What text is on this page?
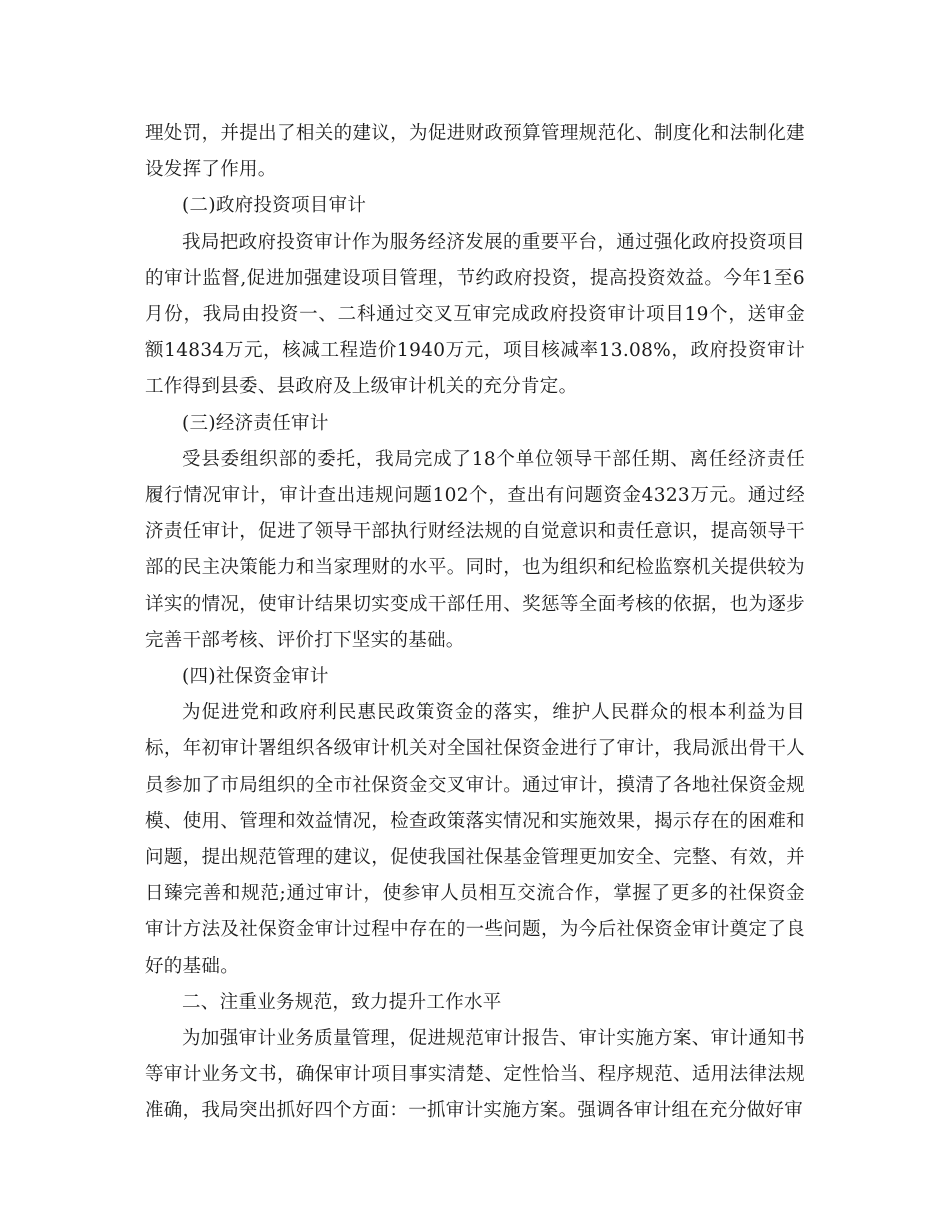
理处罚，并提出了相关的建议，为促进财政预算管理规范化、制度化和法制化建设发挥了作用。

(二)政府投资项目审计

我局把政府投资审计作为服务经济发展的重要平台，通过强化政府投资项目的审计监督,促进加强建设项目管理，节约政府投资，提高投资效益。今年1至6月份，我局由投资一、二科通过交叉互审完成政府投资审计项目19个，送审金额14834万元，核减工程造价1940万元，项目核减率13.08%，政府投资审计工作得到县委、县政府及上级审计机关的充分肯定。

(三)经济责任审计

受县委组织部的委托，我局完成了18个单位领导干部任期、离任经济责任履行情况审计，审计查出违规问题102个，查出有问题资金4323万元。通过经济责任审计，促进了领导干部执行财经法规的自觉意识和责任意识，提高领导干部的民主决策能力和当家理财的水平。同时，也为组织和纪检监察机关提供较为详实的情况，使审计结果切实变成干部任用、奖惩等全面考核的依据，也为逐步完善干部考核、评价打下坚实的基础。

(四)社保资金审计

为促进党和政府利民惠民政策资金的落实，维护人民群众的根本利益为目标，年初审计署组织各级审计机关对全国社保资金进行了审计，我局派出骨干人员参加了市局组织的全市社保资金交叉审计。通过审计，摸清了各地社保资金规模、使用、管理和效益情况，检查政策落实情况和实施效果，揭示存在的困难和问题，提出规范管理的建议，促使我国社保基金管理更加安全、完整、有效，并日臻完善和规范;通过审计，使参审人员相互交流合作，掌握了更多的社保资金审计方法及社保资金审计过程中存在的一些问题，为今后社保资金审计奠定了良好的基础。

二、注重业务规范，致力提升工作水平

为加强审计业务质量管理，促进规范审计报告、审计实施方案、审计通知书等审计业务文书，确保审计项目事实清楚、定性恰当、程序规范、适用法律法规准确，我局突出抓好四个方面：一抓审计实施方案。强调各审计组在充分做好审
